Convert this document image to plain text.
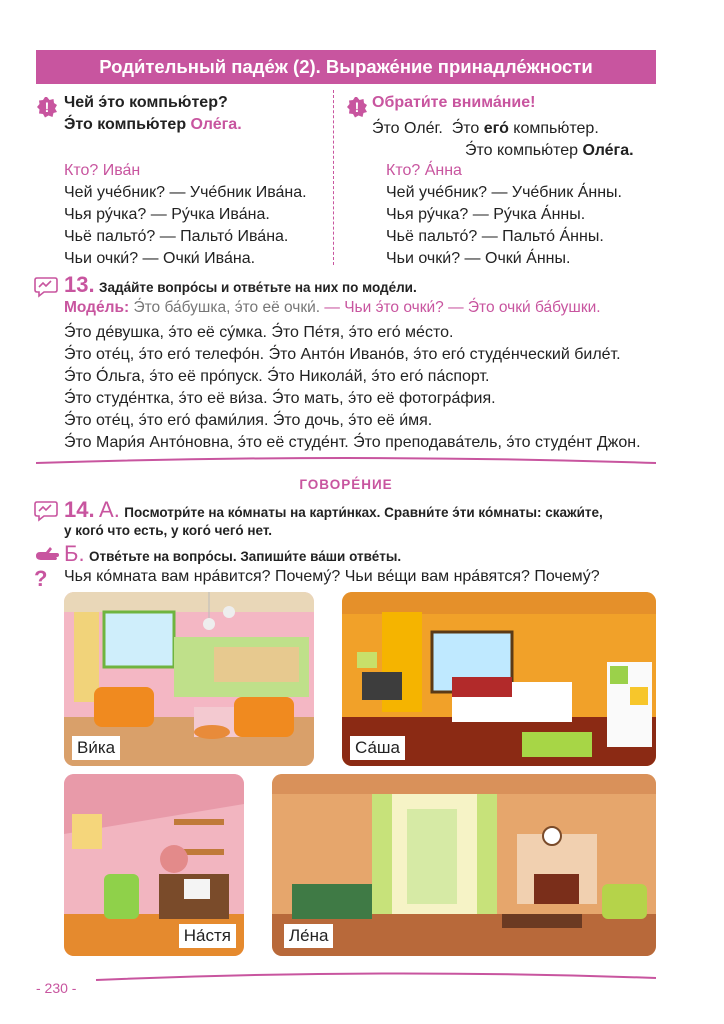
Роди́тельный паде́ж (2). Выраже́ние принадле́жности
! Чей э́то компью́тер?
Э́то компью́тер Оле́га.
Кто? Ива́н
Чей уче́бник? — Уче́бник Ива́на.
Чья ру́чка? — Ру́чка Ива́на.
Чьё пальто́? — Пальто́ Ива́на.
Чьи очки́? — Очки́ Ива́на.
! Обрати́те внима́ние!
Э́то Оле́г. Э́то его́ компью́тер.
Э́то компью́тер Оле́га.
Кто? А́нна
Чей уче́бник? — Уче́бник А́нны.
Чья ру́чка? — Ру́чка А́нны.
Чьё пальто́? — Пальто́ А́нны.
Чьи очки́? — Очки́ А́нны.
13. Зада́йте вопро́сы и отве́тьте на них по моде́ли.
Моде́ль: Э́то ба́бушка, э́то её очки́. — Чьи э́то очки́? — Э́то очки́ ба́бушки.
Э́то де́вушка, э́то её су́мка. Э́то Пе́тя, э́то его́ ме́сто.
Э́то оте́ц, э́то его́ телефо́н. Э́то Анто́н Ивано́в, э́то его́ студе́нческий биле́т.
Э́то О́льга, э́то её про́пуск. Э́то Никола́й, э́то его́ па́спорт.
Э́то студе́нтка, э́то её ви́за. Э́то мать, э́то её фотогра́фия.
Э́то оте́ц, э́то его́ фами́лия. Э́то дочь, э́то её и́мя.
Э́то Мари́я Анто́новна, э́то её студе́нт. Э́то преподава́тель, э́то студе́нт Джон.
ГОВОРЕ́НИЕ
14. А. Посмотри́те на ко́мнаты на карти́нках. Сравни́те э́ти ко́мнаты: скажи́те,
у кого́ что есть, у кого́ чего́ нет.
?
Б. Отве́тьте на вопро́сы. Запиши́те ва́ши отве́ты.
Чья ко́мната вам нра́вится? Почему́? Чьи ве́щи вам нра́вятся? Почему́?
Ви́ка	Са́ша
На́стя	Ле́на
- 230 -
